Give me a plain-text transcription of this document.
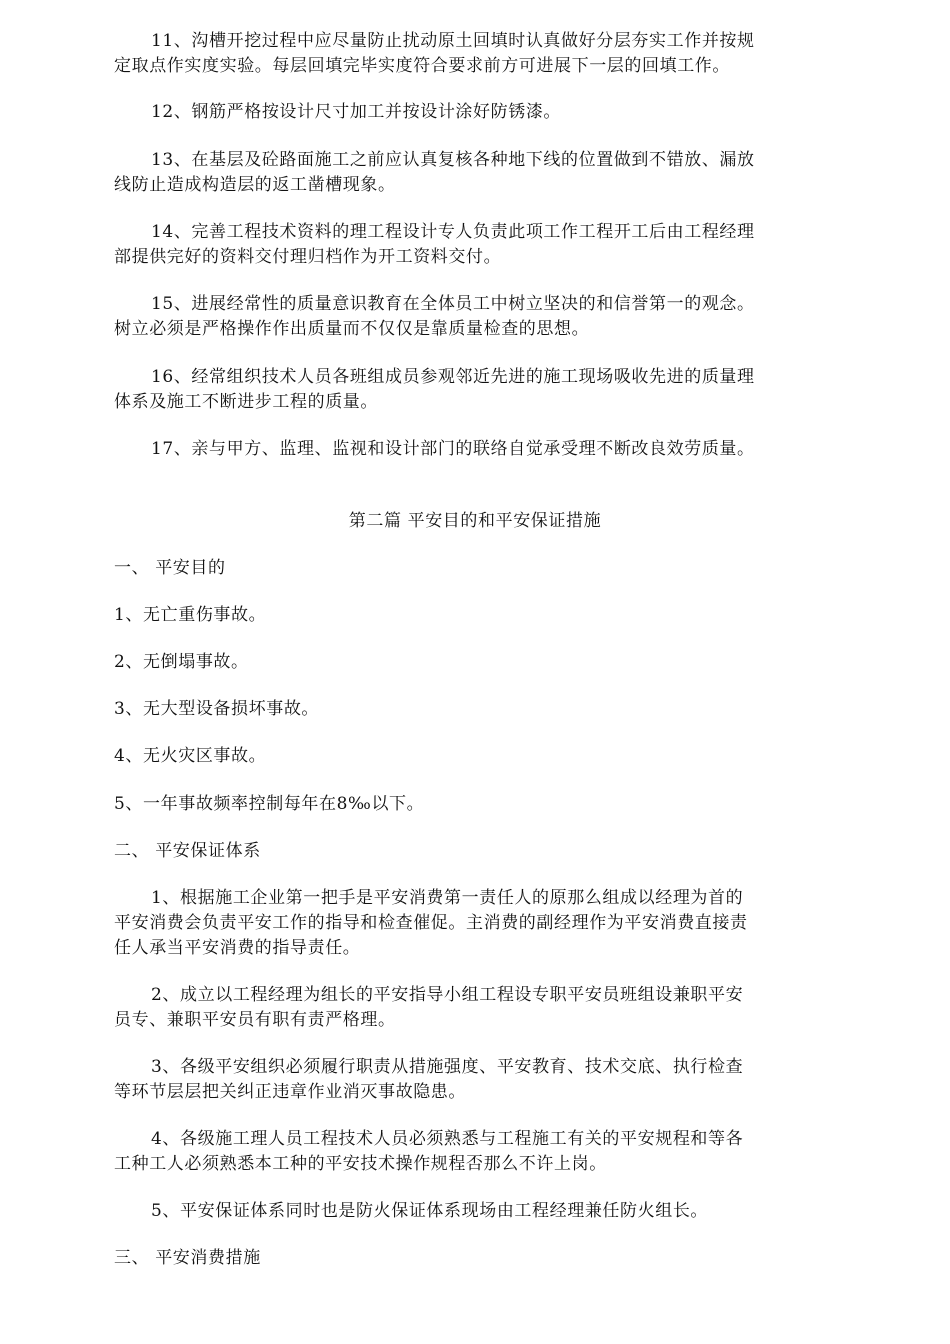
11、沟槽开挖过程中应尽量防止扰动原土回填时认真做好分层夯实工作并按规
定取点作实度实验。每层回填完毕实度符合要求前方可进展下一层的回填工作。
12、钢筋严格按设计尺寸加工并按设计涂好防锈漆。
13、在基层及砼路面施工之前应认真复核各种地下线的位置做到不错放、漏放
线防止造成构造层的返工凿槽现象。
14、完善工程技术资料的理工程设计专人负责此项工作工程开工后由工程经理
部提供完好的资料交付理归档作为开工资料交付。
15、进展经常性的质量意识教育在全体员工中树立坚决的和信誉第一的观念。
树立必须是严格操作作出质量而不仅仅是靠质量检查的思想。
16、经常组织技术人员各班组成员参观邻近先进的施工现场吸收先进的质量理
体系及施工不断进步工程的质量。
17、亲与甲方、监理、监视和设计部门的联络自觉承受理不断改良效劳质量。
第二篇 平安目的和平安保证措施
一、 平安目的
1、无亡重伤事故。
2、无倒塌事故。
3、无大型设备损坏事故。
4、无火灾区事故。
5、一年事故频率控制每年在8‰以下。
二、 平安保证体系
1、根据施工企业第一把手是平安消费第一责任人的原那么组成以经理为首的
平安消费会负责平安工作的指导和检查催促。主消费的副经理作为平安消费直接责
任人承当平安消费的指导责任。
2、成立以工程经理为组长的平安指导小组工程设专职平安员班组设兼职平安
员专、兼职平安员有职有责严格理。
3、各级平安组织必须履行职责从措施强度、平安教育、技术交底、执行检查
等环节层层把关纠正违章作业消灭事故隐患。
4、各级施工理人员工程技术人员必须熟悉与工程施工有关的平安规程和等各
工种工人必须熟悉本工种的平安技术操作规程否那么不许上岗。
5、平安保证体系同时也是防火保证体系现场由工程经理兼任防火组长。
三、 平安消费措施
